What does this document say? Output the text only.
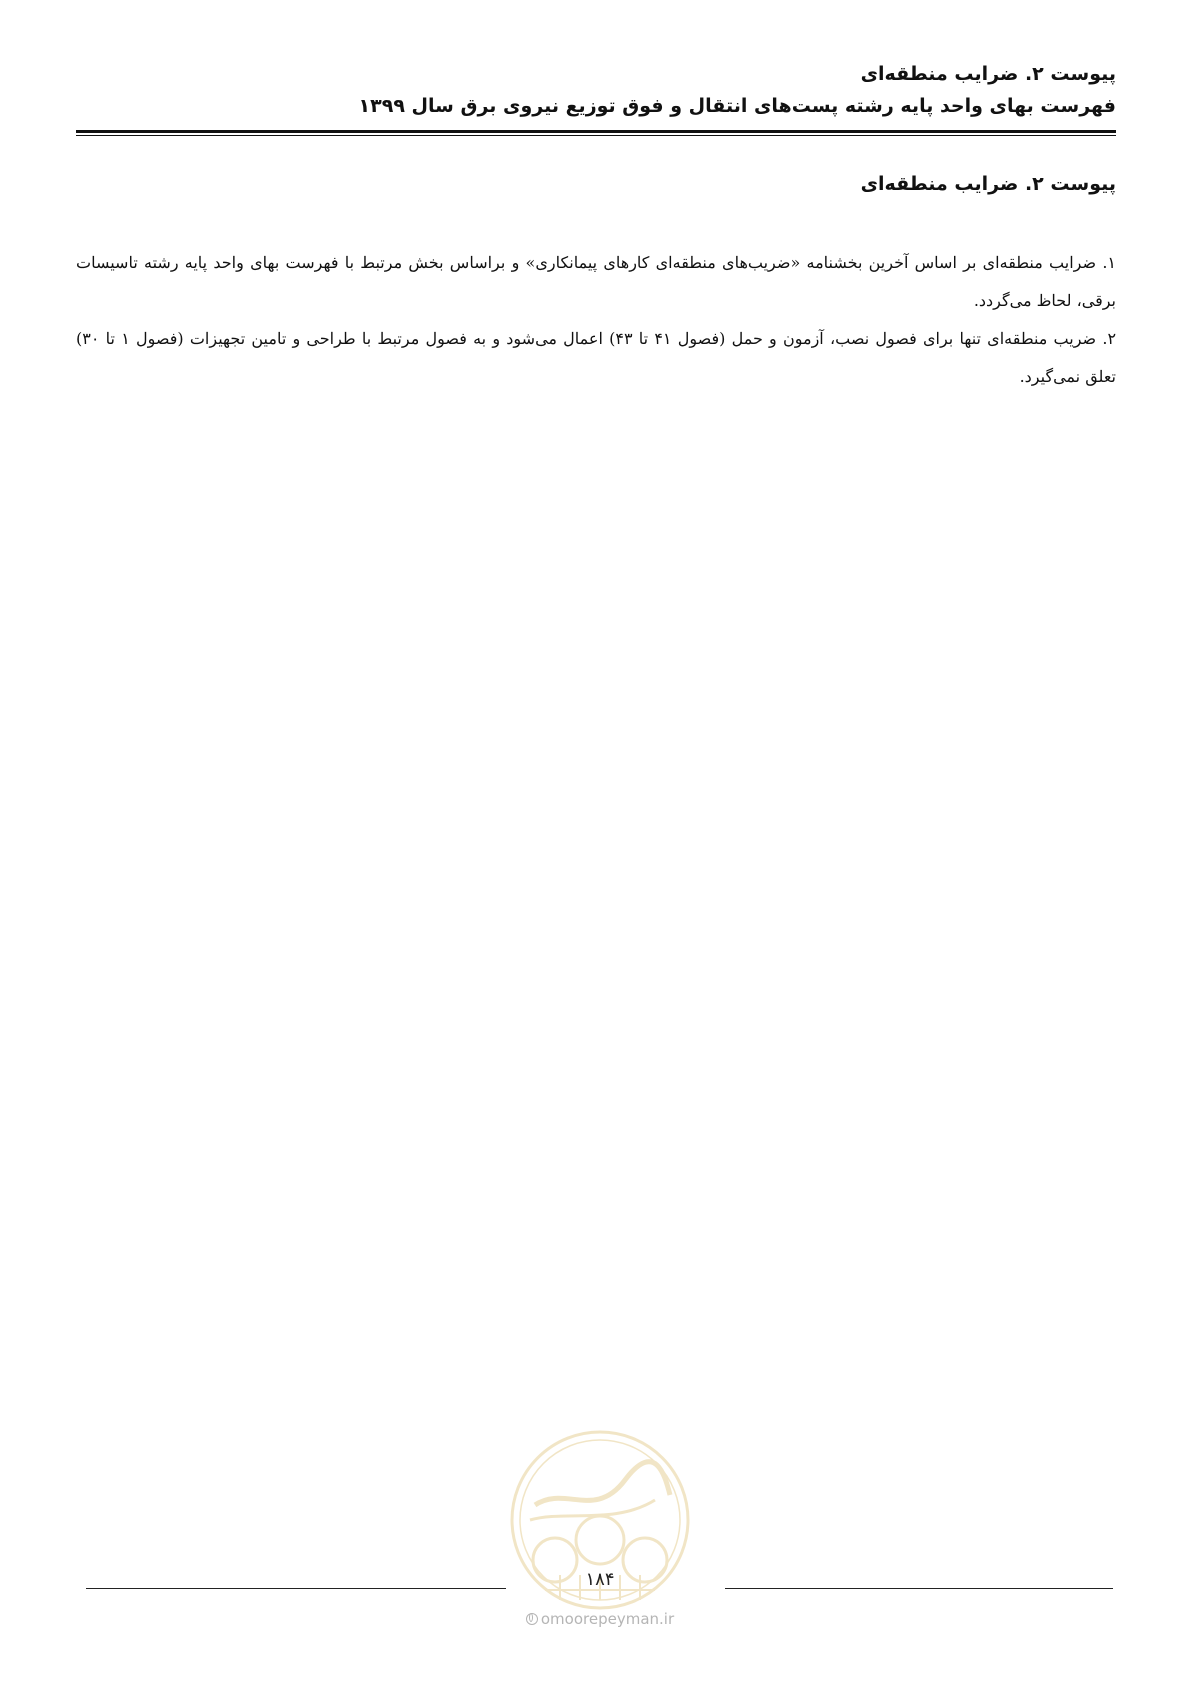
پیوست ۲. ضرایب منطقه‌ای
فهرست بهای واحد پایه رشته پست‌های انتقال و فوق توزیع نیروی برق سال ۱۳۹۹
پیوست ۲. ضرایب منطقه‌ای

۱. ضرایب منطقه‌ای بر اساس آخرین بخشنامه «ضریب‌های منطقه‌ای کارهای پیمانکاری» و براساس بخش مرتبط با فهرست بهای واحد پایه رشته تاسیسات برقی، لحاظ می‌گردد.

۲. ضریب منطقه‌ای تنها برای فصول نصب، آزمون و حمل (فصول ۴۱ تا ۴۳) اعمال می‌شود و به فصول مرتبط با طراحی و تامین تجهیزات (فصول ۱ تا ۳۰) تعلق نمی‌گیرد.

۱۸۴
omoorepeyman.ir
